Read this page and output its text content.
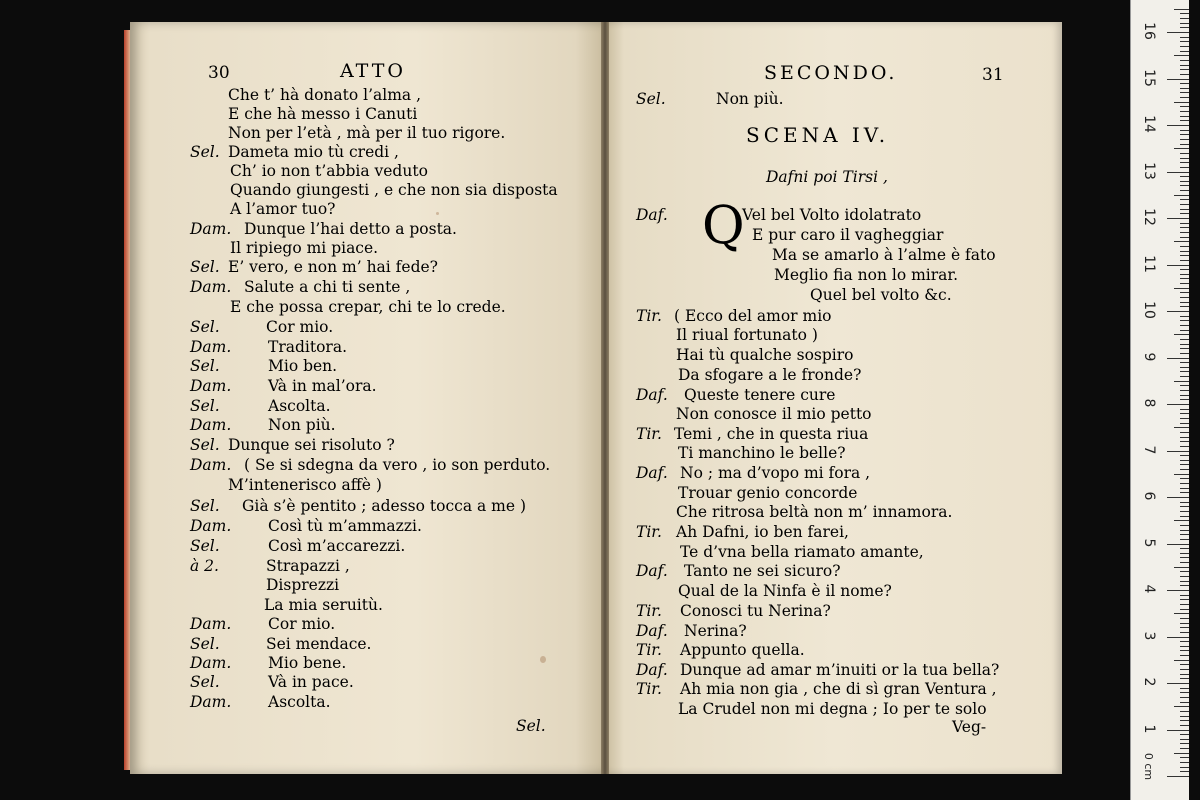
30	ATTO
Sel.
Che t’ hà donato l’alma ,
E che hà messo i Canuti
Non per l’età , mà per il tuo rigore.
Sel. Dameta mio tù credi ,
Ch’ io non t’abbia veduto
Quando giungesti , e che non sia disposta
A l’amor tuo?
Dam. Dunque l’hai detto a posta.
Il ripiego mi piace.
Sel. E’ vero, e non m’ hai fede?
Dam. Salute a chi ti sente ,
E che possa crepar, chi te lo crede.
Sel.	Cor mio.
Dam. Traditora.
Sel.	Mio ben.
Dam. Và in mal’ora.
Sel.	Ascolta.
Dam. Non più.
Sel. Dunque sei risoluto ?
Dam. ( Se si sdegna da vero , io son perduto.
M’intenerisco affè )
Sel. Già s’è pentito ; adesso tocca a me )
Dam. Così tù m’ammazzi.
Sel.	Così m’accarezzi.
à 2.	Strapazzi ,
Disprezzi
La mia seruitù.
Dam. Cor mio.
Sel.	Sei mendace.
Dam. Mio bene.
Sel.	Và in pace.
Dam. Ascolta.
SECONDO.	31
Sel.	Non più.
SCENA IV.
Dafni poi Tirsi ,
Q
Veg-
Daf.	Vel bel Volto idolatrato
E pur caro il vagheggiar
Ma se amarlo à l’alme è fato
Meglio fia non lo mirar.
Quel bel volto &c.
Tir. ( Ecco del amor mio
Il riual fortunato )
Hai tù qualche sospiro
Da sfogare a le fronde?
Daf. Queste tenere cure
Non conosce il mio petto
Tir. Temi , che in questa riua
Ti manchino le belle?
Daf. No ; ma d’vopo mi fora ,
Trouar genio concorde
Che ritrosa beltà non m’ innamora.
Tir. Ah Dafni, io ben farei,
Te d’vna bella riamato amante,
Daf. Tanto ne sei sicuro?
Qual de la Ninfa è il nome?
Tir. Conosci tu Nerina?
Daf. Nerina?
Tir. Appunto quella.
Daf. Dunque ad amar m’inuiti or la tua bella?
Tir. Ah mia non gia , che di sì gran Ventura ,
La Crudel non mi degna ; Io per te solo
16
15
14
13
12
11
10
9
8
7
6
5
4
3
2
1
0 cm
